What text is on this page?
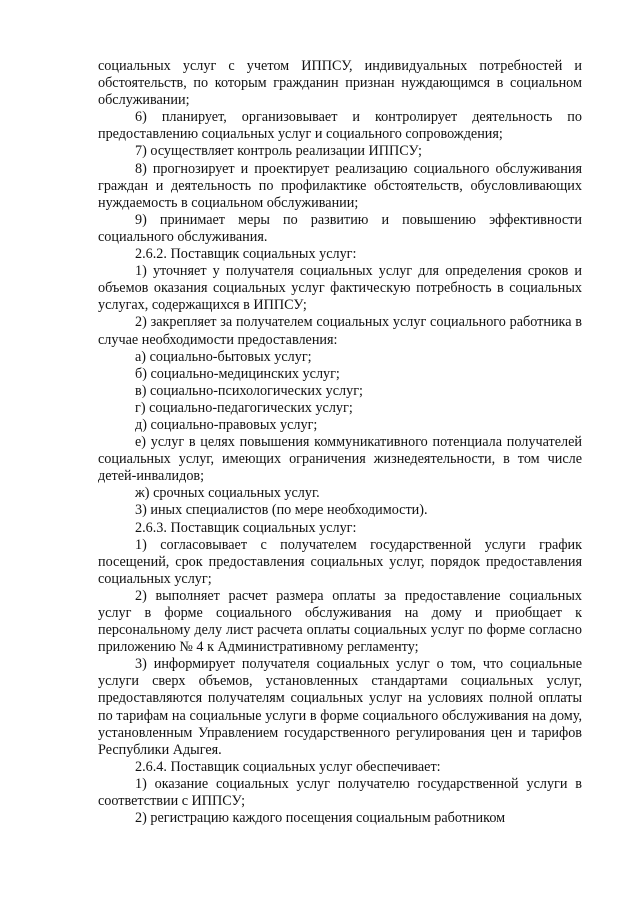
социальных услуг с учетом ИППСУ, индивидуальных потребностей и обстоятельств, по которым гражданин признан нуждающимся в социальном обслуживании;

6) планирует, организовывает и контролирует деятельность по предоставлению социальных услуг и социального сопровождения;

7) осуществляет контроль реализации ИППСУ;

8) прогнозирует и проектирует реализацию социального обслуживания граждан и деятельность по профилактике обстоятельств, обусловливающих нуждаемость в социальном обслуживании;

9) принимает меры по развитию и повышению эффективности социального обслуживания.

2.6.2. Поставщик социальных услуг:

1) уточняет у получателя социальных услуг для определения сроков и объемов оказания социальных услуг фактическую потребность в социальных услугах, содержащихся в ИППСУ;

2) закрепляет за получателем социальных услуг социального работника в случае необходимости предоставления:

а) социально-бытовых услуг;

б) социально-медицинских услуг;

в) социально-психологических услуг;

г) социально-педагогических услуг;

д) социально-правовых услуг;

е) услуг в целях повышения коммуникативного потенциала получателей социальных услуг, имеющих ограничения жизнедеятельности, в том числе детей-инвалидов;

ж) срочных социальных услуг.

3) иных специалистов (по мере необходимости).

2.6.3. Поставщик социальных услуг:

1) согласовывает с получателем государственной услуги график посещений, срок предоставления социальных услуг, порядок предоставления социальных услуг;

2) выполняет расчет размера оплаты за предоставление социальных услуг в форме социального обслуживания на дому и приобщает к персональному делу лист расчета оплаты социальных услуг по форме согласно приложению № 4 к Административному регламенту;

3) информирует получателя социальных услуг о том, что социальные услуги сверх объемов, установленных стандартами социальных услуг, предоставляются получателям социальных услуг на условиях полной оплаты по тарифам на социальные услуги в форме социального обслуживания на дому, установленным Управлением государственного регулирования цен и тарифов Республики Адыгея.

2.6.4. Поставщик социальных услуг обеспечивает:

1) оказание социальных услуг получателю государственной услуги в соответствии с ИППСУ;

2) регистрацию каждого посещения социальным работником
